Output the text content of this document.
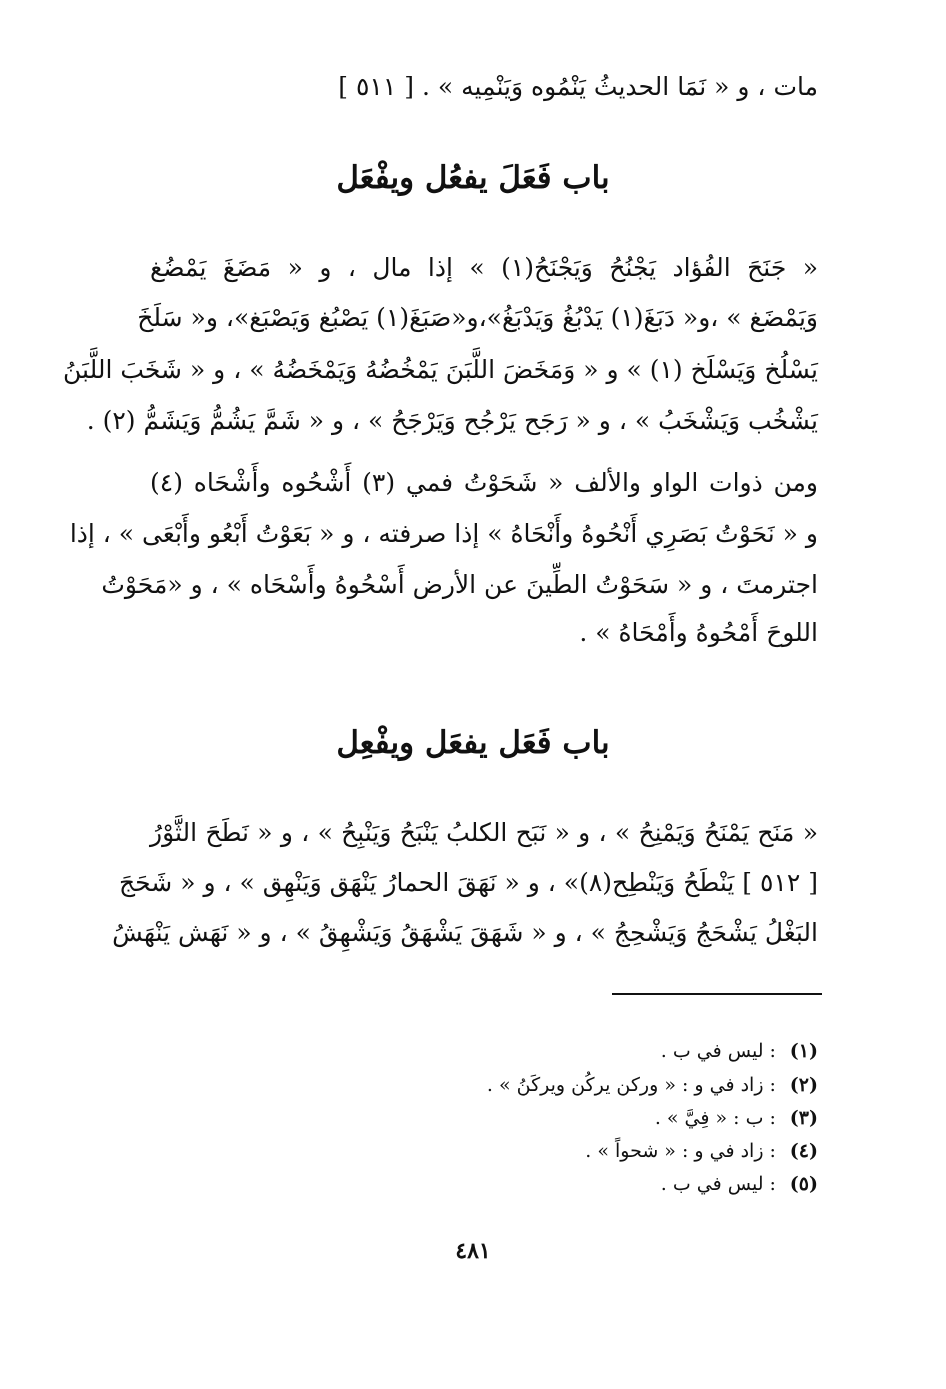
مات ، و « نَمَا الحديثُ يَنْمُوه وَيَنْمِيه » . [ ٥١١ ]
باب فَعَلَ يفعُل ويفْعَل
« جَنَحَ الفُؤاد يَجْنُحُ وَيَجْنَحُ(١) » إذا مال ، و « مَضَغَ يَمْضُغ
وَيَمْضَغ » ،و« دَبَغَ(١) يَدْبُغُ وَيَدْبَغُ»،و«صَبَغَ(١) يَصْبُغ وَيَصْبَغ»، و« سَلَخَ
يَسْلُخ وَيَسْلَخ (١) » و « وَمَخَضَ اللَّبَنَ يَمْخُضُهُ وَيَمْخَضُهُ » ، و « شَخَبَ اللَّبَنُ
يَشْخُب وَيَشْخَبُ » ، و « رَجَح يَرْجُح وَيَرْجَحُ » ، و « شَمَّ يَشُمُّ وَيَشَمُّ (٢) .
ومن ذوات الواو والألف « شَحَوْتُ فمي (٣) أَشْحُوه وأَشْحَاه (٤)
و « نَحَوْتُ بَصَرِي أَنْحُوهُ وأَنْحَاهُ » إذا صرفته ، و « بَعَوْتُ أَبْعُو وأَبْعَى » ، إذا
اجترمتَ ، و « سَحَوْتُ الطِّينَ عن الأرض أَسْحُوهُ وأَسْحَاه » ، و «مَحَوْتُ
اللوحَ أَمْحُوهُ وأَمْحَاهُ » .
باب فَعَل يفعَل ويفْعِل
« مَنَح يَمْنَحُ وَيَمْنِحُ » ، و « نَبَح الكلبُ يَنْبَحُ وَيَنْبِحُ » ، و « نَطَحَ الثَّوْرُ
[ ٥١٢ ] يَنْطَحُ وَيَنْطِح(٨)» ، و « نَهَقَ الحمارُ يَنْهَق وَيَنْهِق » ، و « شَحَجَ
البَغْلُ يَشْحَجُ وَيَشْحِجُ » ، و « شَهَقَ يَشْهَقُ وَيَشْهِقُ » ، و « نَهَش يَنْهَشُ
(١) : ليس في ب .
(٢) : زاد في و : « وركن يركُن ويركَنُ » .
(٣) : ب : « فِيَّ » .
(٤) : زاد في و : « شحواً » .
(٥) : ليس في ب .
٤٨١
